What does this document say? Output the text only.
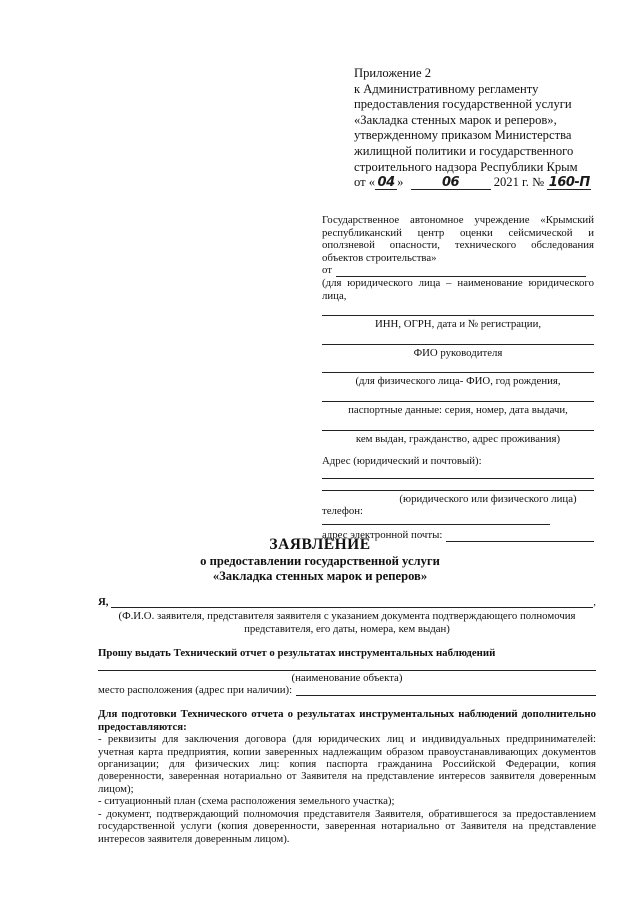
Приложение 2
к Административному регламенту
предоставления государственной услуги
«Закладка стенных марок и реперов»,
утвержденному приказом Министерства
жилищной политики и государственного
строительного надзора Республики Крым
от « 04 »	06	2021 г. № 160-П
Государственное автономное учреждение «Крымский
республиканский центр оценки сейсмической и
оползневой опасности, технического обследования
объектов строительства»
от
(для юридического лица – наименование юридического
лица,
ИНН, ОГРН, дата и № регистрации,
ФИО руководителя
(для физического лица- ФИО, год рождения,
паспортные данные: серия, номер, дата выдачи,
кем выдан, гражданство, адрес проживания)
Адрес (юридический и почтовый):
(юридического или физического лица)
телефон:
адрес электронной почты:
ЗАЯВЛЕНИЕ
о предоставлении государственной услуги
«Закладка стенных марок и реперов»
Я,	,
(Ф.И.О. заявителя, представителя заявителя с указанием документа подтверждающего полномочия
представителя, его даты, номера, кем выдан)
Прошу выдать Технический отчет о результатах инструментальных наблюдений
(наименование объекта)
место расположения (адрес при наличии):
Для подготовки Технического отчета о результатах инструментальных наблюдений дополнительно
предоставляются:
- реквизиты для заключения договора (для юридических лиц и индивидуальных предпринимателей: учетная карта предприятия, копии заверенных надлежащим образом правоустанавливающих документов организации; для физических лиц: копия паспорта гражданина Российской Федерации, копия доверенности, заверенная нотариально от Заявителя на представление интересов заявителя доверенным лицом);
- ситуационный план (схема расположения земельного участка);
- документ, подтверждающий полномочия представителя Заявителя, обратившегося за предоставлением государственной услуги (копия доверенности, заверенная нотариально от Заявителя на представление интересов заявителя доверенным лицом).
